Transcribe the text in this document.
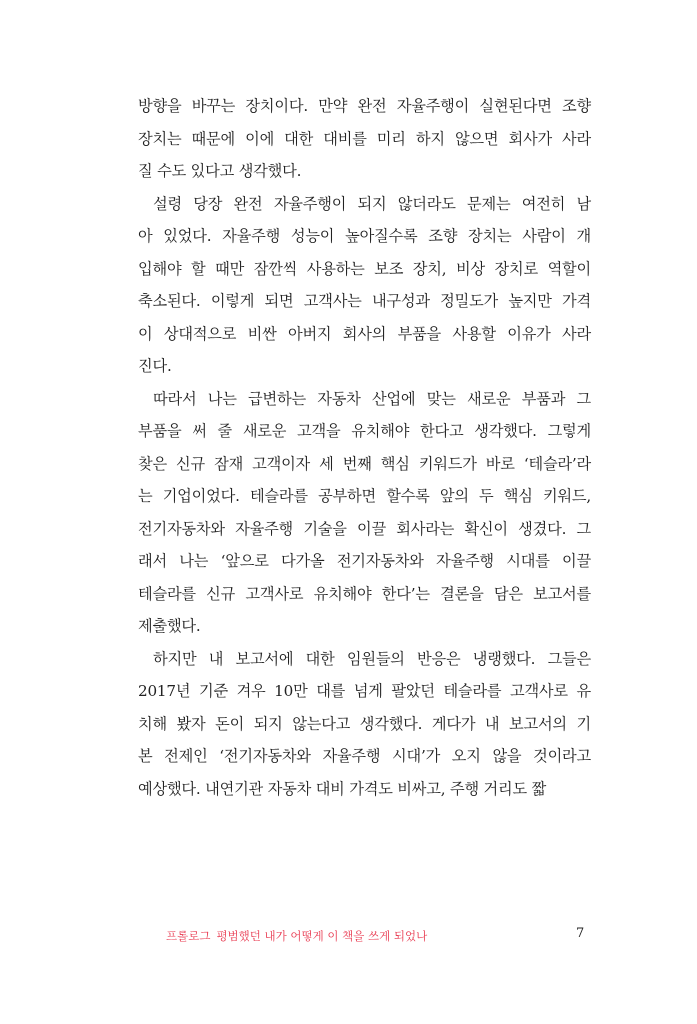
방향을 바꾸는 장치이다. 만약 완전 자율주행이 실현된다면 조향
장치는 때문에 이에 대한 대비를 미리 하지 않으면 회사가 사라
질 수도 있다고 생각했다.
설령 당장 완전 자율주행이 되지 않더라도 문제는 여전히 남
아 있었다. 자율주행 성능이 높아질수록 조향 장치는 사람이 개
입해야 할 때만 잠깐씩 사용하는 보조 장치, 비상 장치로 역할이
축소된다. 이렇게 되면 고객사는 내구성과 정밀도가 높지만 가격
이 상대적으로 비싼 아버지 회사의 부품을 사용할 이유가 사라
진다.
따라서 나는 급변하는 자동차 산업에 맞는 새로운 부품과 그
부품을 써 줄 새로운 고객을 유치해야 한다고 생각했다. 그렇게
찾은 신규 잠재 고객이자 세 번째 핵심 키워드가 바로 ‘테슬라’라
는 기업이었다. 테슬라를 공부하면 할수록 앞의 두 핵심 키워드,
전기자동차와 자율주행 기술을 이끌 회사라는 확신이 생겼다. 그
래서 나는 ‘앞으로 다가올 전기자동차와 자율주행 시대를 이끌
테슬라를 신규 고객사로 유치해야 한다’는 결론을 담은 보고서를
제출했다.
하지만 내 보고서에 대한 임원들의 반응은 냉랭했다. 그들은
2017년 기준 겨우 10만 대를 넘게 팔았던 테슬라를 고객사로 유
치해 봤자 돈이 되지 않는다고 생각했다. 게다가 내 보고서의 기
본 전제인 ‘전기자동차와 자율주행 시대’가 오지 않을 것이라고
예상했다. 내연기관 자동차 대비 가격도 비싸고, 주행 거리도 짧
프롤로그 평범했던 내가 어떻게 이 책을 쓰게 되었나	7
